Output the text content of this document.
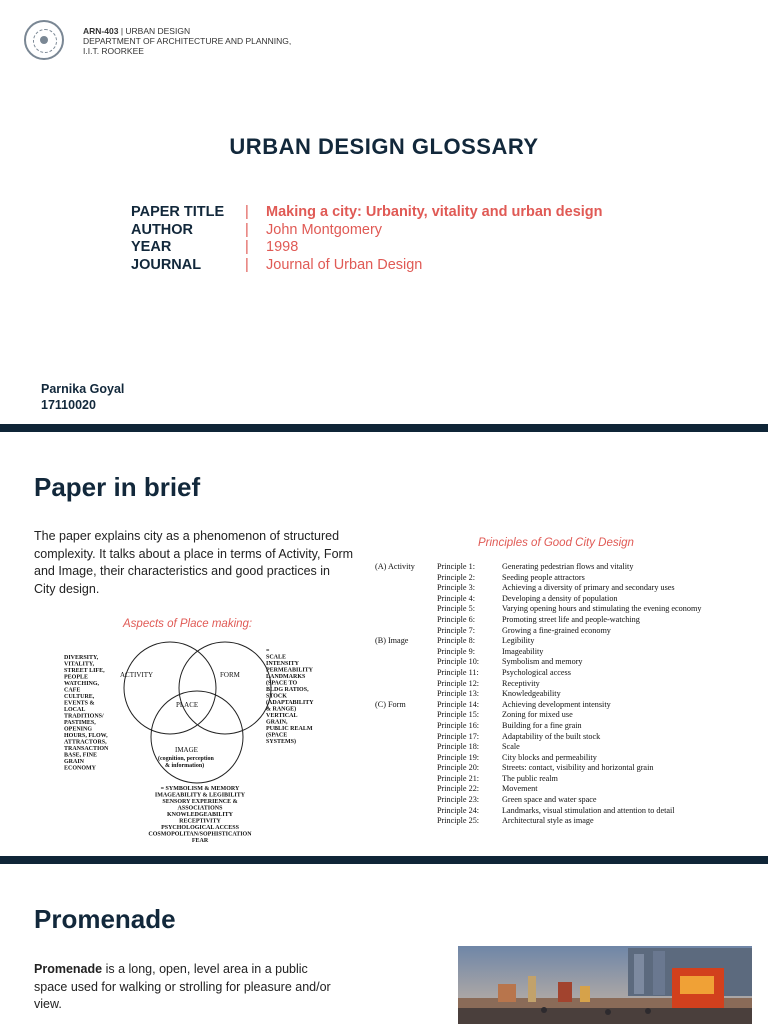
ARN-403 | URBAN DESIGN
DEPARTMENT OF ARCHITECTURE AND PLANNING,
I.I.T. ROORKEE
URBAN DESIGN GLOSSARY
PAPER TITLE	|	Making a city: Urbanity, vitality and urban design
AUTHOR	|	John Montgomery
YEAR	|	1998
JOURNAL	|	Journal of Urban Design
Parnika Goyal
17110020
Paper in brief
The paper explains city as a phenomenon of structured complexity. It talks about a place in terms of Activity, Form and Image, their characteristics and good practices in City design.
Aspects of Place making:
Principles of Good City Design
ACTIVITY	FORM
PLACE
IMAGE
(cognition, perception
& information)
DIVERSITY,
VITALITY,
STREET LIFE,
PEOPLE
WATCHING,
CAFE
CULTURE,
EVENTS &
LOCAL
TRADITIONS/
PASTIMES,
OPENING
HOURS, FLOW,
ATTRACTORS,
TRANSACTION
BASE, FINE
GRAIN
ECONOMY
=
SCALE
INTENSITY
PERMEABILITY
LANDMARKS
(SPACE TO
BLDG RATIOS,
STOCK
(ADAPTABILITY
& RANGE)
VERTICAL
GRAIN,
PUBLIC REALM
(SPACE
SYSTEMS)
= SYMBOLISM & MEMORY
IMAGEABILITY & LEGIBILITY
SENSORY EXPERIENCE &
ASSOCIATIONS
KNOWLEDGEABILITY
RECEPTIVITY
PSYCHOLOGICAL ACCESS
COSMOPOLITAN/SOPHISTICATION
FEAR
(A) Activity	Principle 1:	Generating pedestrian flows and vitality
Principle 2:	Seeding people attractors
Principle 3:	Achieving a diversity of primary and secondary uses
Principle 4:	Developing a density of population
Principle 5:	Varying opening hours and stimulating the evening economy
Principle 6:	Promoting street life and people-watching
Principle 7:	Growing a fine-grained economy
(B) Image	Principle 8:	Legibility
Principle 9:	Imageability
Principle 10:	Symbolism and memory
Principle 11:	Psychological access
Principle 12:	Receptivity
Principle 13:	Knowledgeability
(C) Form	Principle 14:	Achieving development intensity
Principle 15:	Zoning for mixed use
Principle 16:	Building for a fine grain
Principle 17:	Adaptability of the built stock
Principle 18:	Scale
Principle 19:	City blocks and permeability
Principle 20:	Streets: contact, visibility and horizontal grain
Principle 21:	The public realm
Principle 22:	Movement
Principle 23:	Green space and water space
Principle 24:	Landmarks, visual stimulation and attention to detail
Principle 25:	Architectural style as image
Promenade
Promenade is a long, open, level area in a public space used for walking or strolling for pleasure and/or view.
